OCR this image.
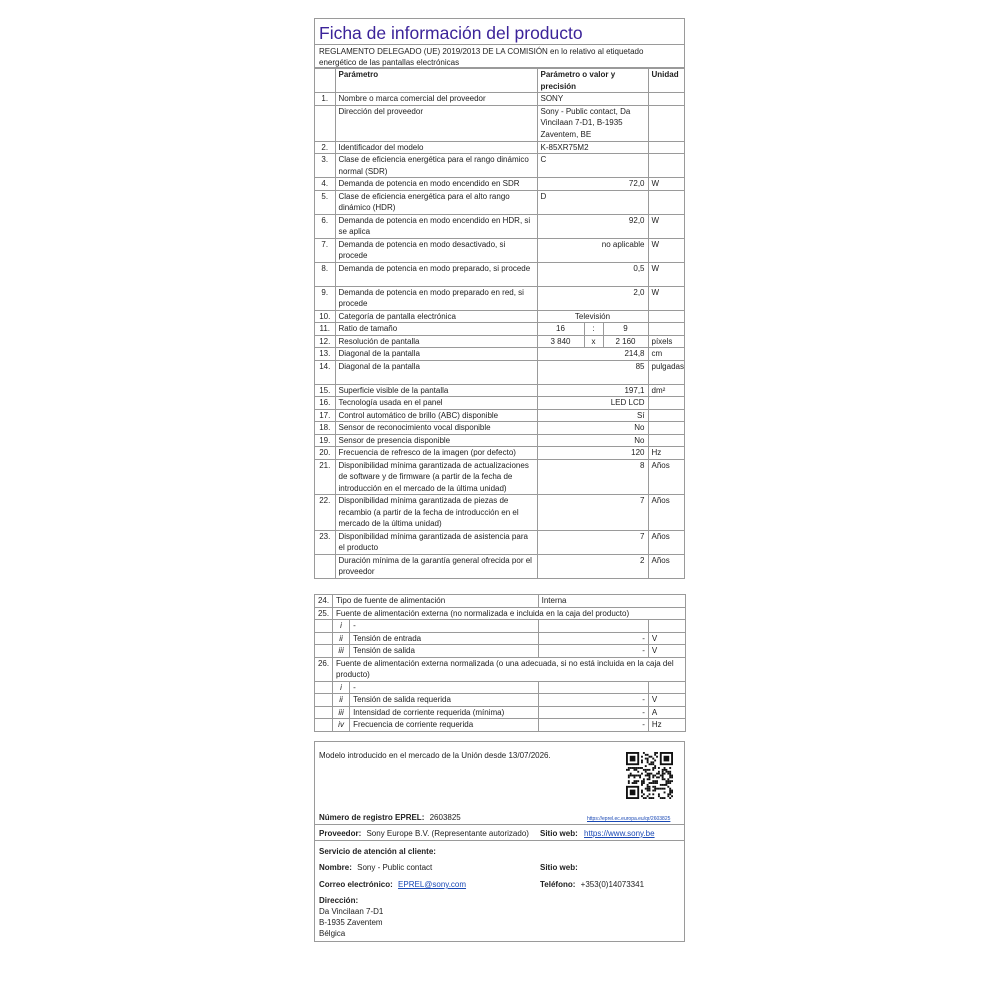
Ficha de información del producto
REGLAMENTO DELEGADO (UE) 2019/2013 DE LA COMISIÓN en lo relativo al etiquetado energético de las pantallas electrónicas
	Parámetro	Parámetro o valor y precisión	Unidad
1.	Nombre o marca comercial del proveedor	SONY	
	Dirección del proveedor	Sony - Public contact, Da Vincilaan 7-D1, B-1935 Zaventem, BE	
2.	Identificador del modelo	K-85XR75M2	
3.	Clase de eficiencia energética para el rango dinámico normal (SDR)	C	
4.	Demanda de potencia en modo encendido en SDR	72,0	W
5.	Clase de eficiencia energética para el alto rango dinámico (HDR)	D	
6.	Demanda de potencia en modo encendido en HDR, si se aplica	92,0	W
7.	Demanda de potencia en modo desactivado, si procede	no aplicable	W
8.	Demanda de potencia en modo preparado, si procede	0,5	W
9.	Demanda de potencia en modo preparado en red, si procede	2,0	W
10.	Categoría de pantalla electrónica	Televisión	
11.	Ratio de tamaño	16 : 9	

12.	Resolución de pantalla	3 840 x 2 160	píxels
13.	Diagonal de la pantalla	214,8	cm
14.	Diagonal de la pantalla	85	pulgadas
15.	Superficie visible de la pantalla	197,1	dm²
16.	Tecnología usada en el panel	LED LCD	
17.	Control automático de brillo (ABC) disponible	Sí	
18.	Sensor de reconocimiento vocal disponible	No	
19.	Sensor de presencia disponible	No	
20.	Frecuencia de refresco de la imagen (por defecto)	120	Hz
21.	Disponibilidad mínima garantizada de actualizaciones de software y de firmware (a partir de la fecha de introducción en el mercado de la última unidad)	8	Años
22.	Disponibilidad mínima garantizada de piezas de recambio (a partir de la fecha de introducción en el mercado de la última unidad)	7	Años
23.	Disponibilidad mínima garantizada de asistencia para el producto	7	Años
	Duración mínima de la garantía general ofrecida por el proveedor	2	Años
24.	Tipo de fuente de alimentación		Interna	
25.	Fuente de alimentación externa (no normalizada e incluida en la caja del producto)			
	i	-		
	ii	Tensión de entrada	-	V
	iii	Tensión de salida	-	V
26.	Fuente de alimentación externa normalizada (o una adecuada, si no está incluida en la caja del producto)			
	i	-		
	ii	Tensión de salida requerida	-	V
	iii	Intensidad de corriente requerida (mínima)	-	A
	iv	Frecuencia de corriente requerida	-	Hz
Modelo introducido en el mercado de la Unión desde 13/07/2026.
Número de registro EPREL: 2603825	https://eprel.ec.europa.eu/qr/2603825
Proveedor: Sony Europe B.V. (Representante autorizado)	Sitio web: https://www.sony.be
Servicio de atención al cliente:
Nombre: Sony - Public contact	Sitio web:
Correo electrónico: EPREL@sony.com	Teléfono: +353(0)14073341
Dirección:
Da Vincilaan 7-D1
B-1935 Zaventem
Bélgica
